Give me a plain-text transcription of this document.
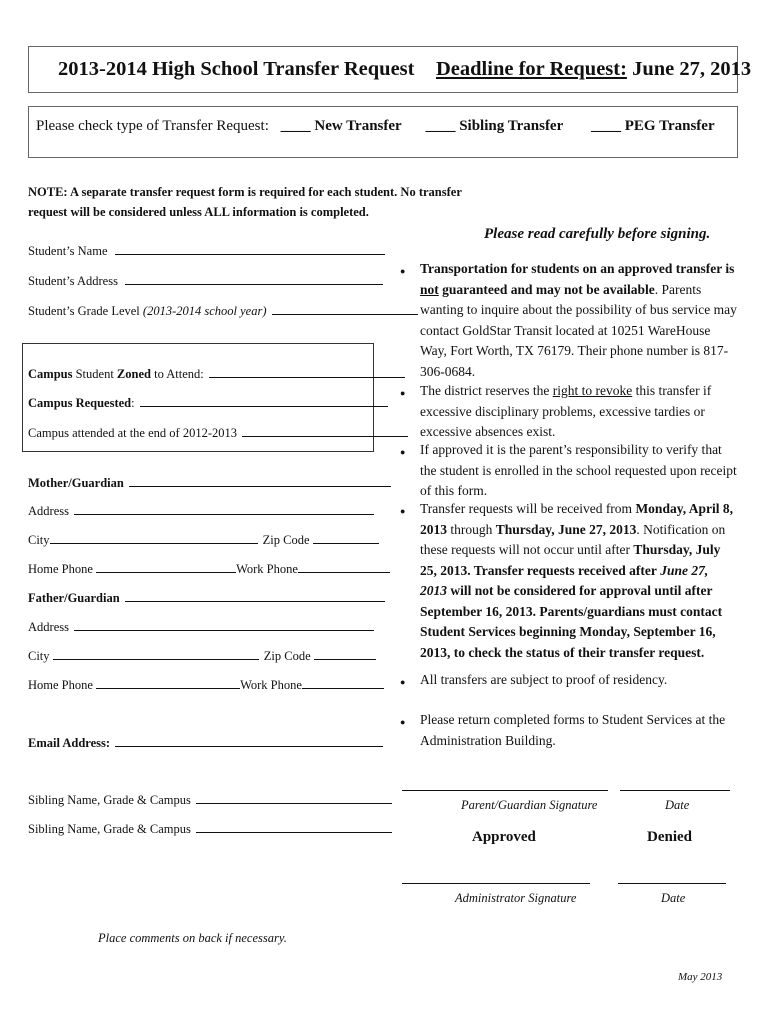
2013-2014 High School Transfer Request Deadline for Request: June 27, 2013
Please check type of Transfer Request: ____ New Transfer ____ Sibling Transfer ____ PEG Transfer
NOTE: A separate transfer request form is required for each student. No transfer
request will be considered unless ALL information is completed.
Student’s Name
Student’s Address
Student’s Grade Level (2013-2014 school year)
Campus Student Zoned to Attend:
Campus Requested:
Campus attended at the end of 2012-2013
Mother/Guardian
Address
City	Zip Code
Home Phone	Work Phone
Father/Guardian
Address
City	Zip Code
Home Phone	Work Phone
Email Address:
Sibling Name, Grade & Campus
Sibling Name, Grade & Campus
Place comments on back if necessary.
Please read carefully before signing.
● Transportation for students on an approved transfer is not guaranteed and may not be available. Parents wanting to inquire about the possibility of bus service may contact GoldStar Transit located at 10251 WareHouse Way, Fort Worth, TX 76179. Their phone number is 817-306-0684.
● The district reserves the right to revoke this transfer if excessive disciplinary problems, excessive tardies or excessive absences exist.
● If approved it is the parent’s responsibility to verify that the student is enrolled in the school requested upon receipt of this form.
● Transfer requests will be received from Monday, April 8, 2013 through Thursday, June 27, 2013. Notification on these requests will not occur until after Thursday, July 25, 2013. Transfer requests received after June 27, 2013 will not be considered for approval until after September 16, 2013. Parents/guardians must contact Student Services beginning Monday, September 16, 2013, to check the status of their transfer request.
● All transfers are subject to proof of residency.
● Please return completed forms to Student Services at the Administration Building.
Parent/Guardian Signature	Date
Approved	Denied
Administrator Signature	Date
May 2013
